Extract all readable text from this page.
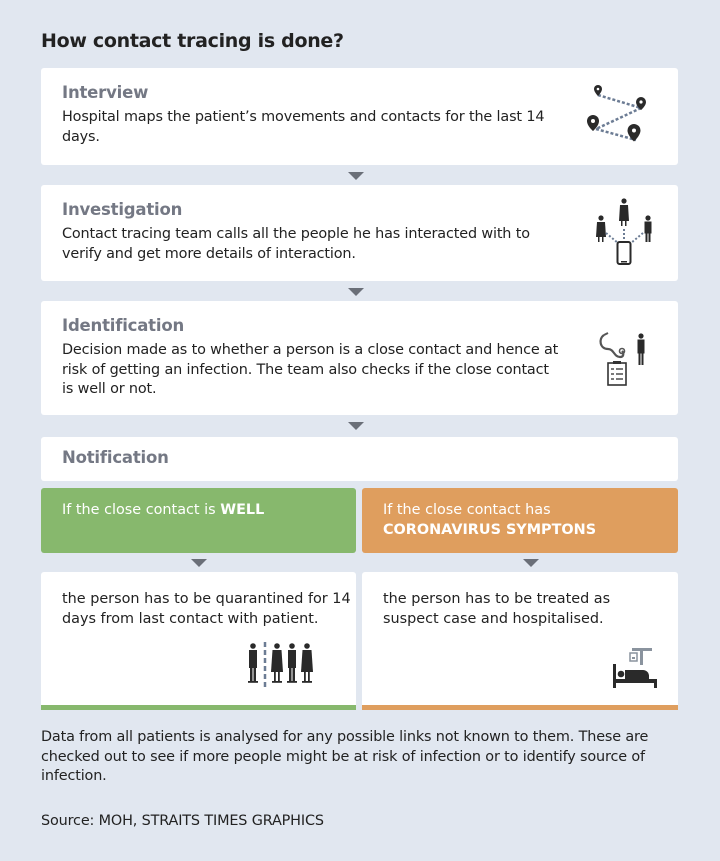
How contact tracing is done?
Interview

Hospital maps the patient’s movements and contacts for the last 14 days.

Investigation

Contact tracing team calls all the people he has interacted with to verify and get more details of interaction.

Identification

Decision made as to whether a person is a close contact and hence at risk of getting an infection. The team also checks if the close contact is well or not.

Notification
If the close contact is WELL	If the close contact has
CORONAVIRUS SYMPTONS

the person has to be quarantined for 14 days from last contact with patient.

the person has to be treated as suspect case and hospitalised.

Data from all patients is analysed for any possible links not known to them. These are checked out to see if more people might be at risk of infection or to identify source of infection.
Source: MOH, STRAITS TIMES GRAPHICS
